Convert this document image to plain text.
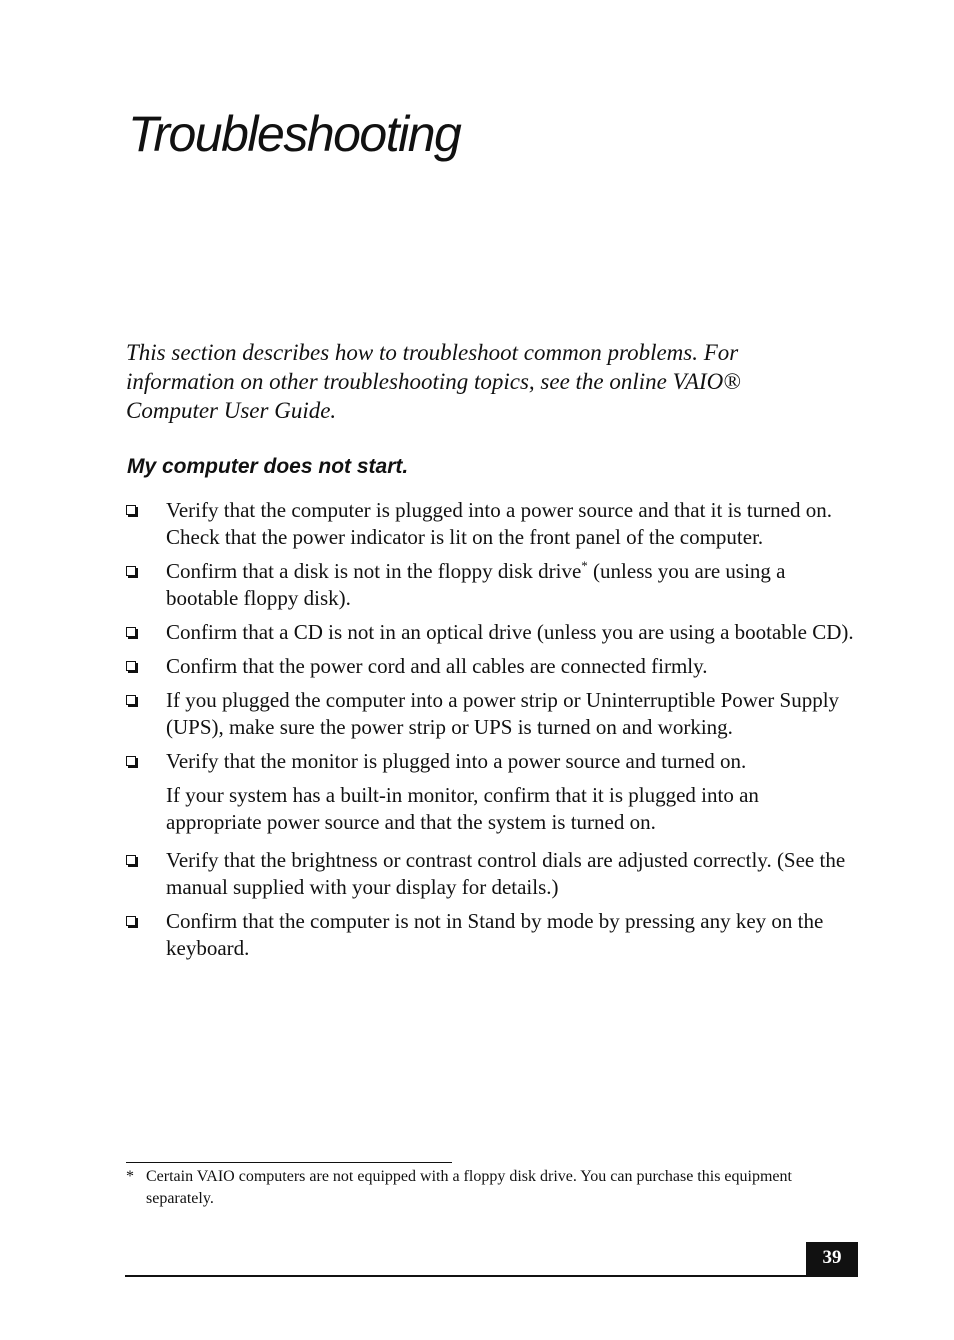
Troubleshooting

This section describes how to troubleshoot common problems. For information on other troubleshooting topics, see the online VAIO® Computer User Guide.

My computer does not start.
Verify that the computer is plugged into a power source and that it is turned on. Check that the power indicator is lit on the front panel of the computer.
Confirm that a disk is not in the floppy disk drive* (unless you are using a bootable floppy disk).
Confirm that a CD is not in an optical drive (unless you are using a bootable CD).
Confirm that the power cord and all cables are connected firmly.
If you plugged the computer into a power strip or Uninterruptible Power Supply (UPS), make sure the power strip or UPS is turned on and working.
Verify that the monitor is plugged into a power source and turned on.
If your system has a built-in monitor, confirm that it is plugged into an appropriate power source and that the system is turned on.
Verify that the brightness or contrast control dials are adjusted correctly. (See the manual supplied with your display for details.)
Confirm that the computer is not in Stand by mode by pressing any key on the keyboard.
* Certain VAIO computers are not equipped with a floppy disk drive. You can purchase this equipment separately.
39
